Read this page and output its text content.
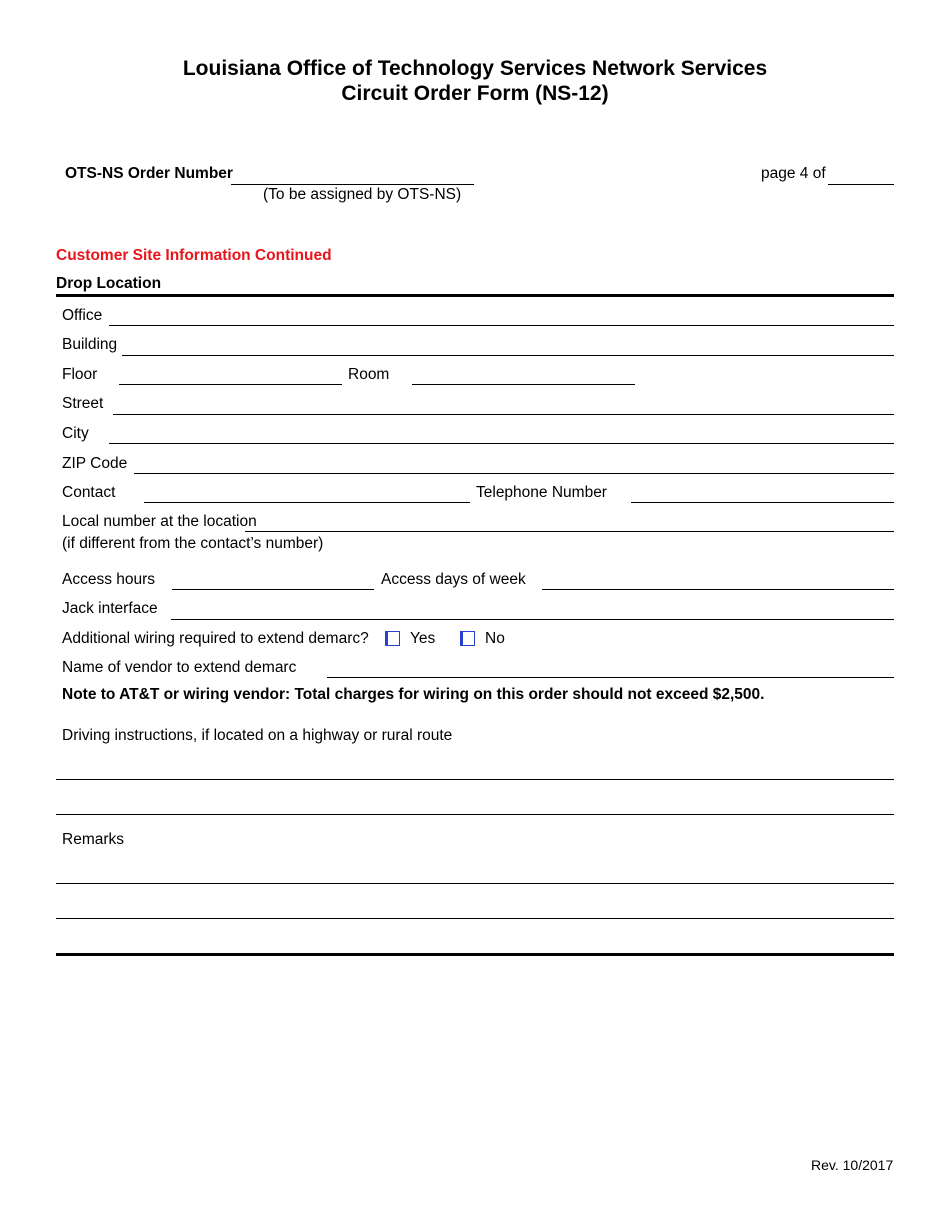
Louisiana Office of Technology Services Network Services
Circuit Order Form (NS-12)
OTS-NS Order Number
(To be assigned by OTS-NS)
page 4 of
Customer Site Information Continued
Drop Location
Office
Building
Floor	Room
Street
City
ZIP Code
Contact	Telephone Number
Local number at the location
(if different from the contact’s number)
Access hours	Access days of week
Jack interface
Additional wiring required to extend demarc?	Yes	No
Name of vendor to extend demarc
Note to AT&T or wiring vendor: Total charges for wiring on this order should not exceed $2,500.
Driving instructions, if located on a highway or rural route
Remarks
Rev. 10/2017
